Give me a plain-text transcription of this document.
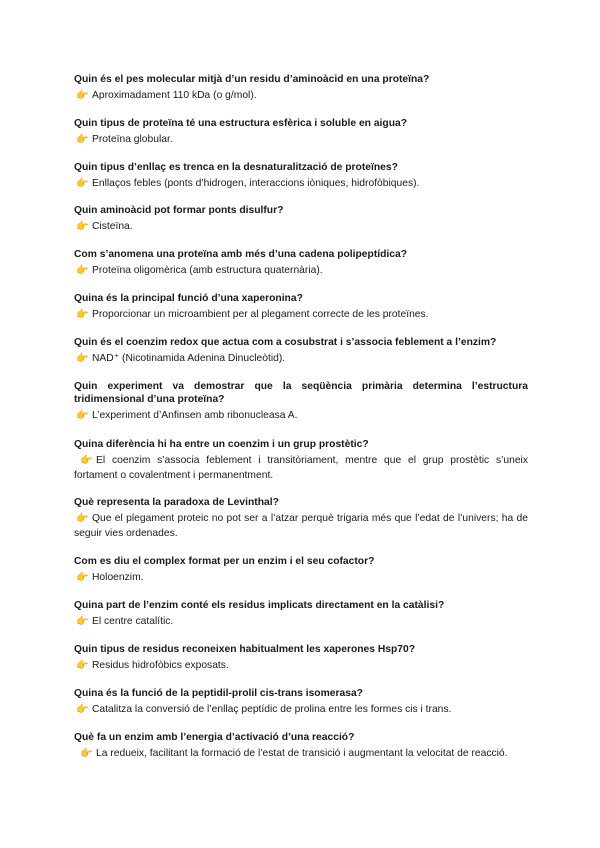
Quin és el pes molecular mitjà d’un residu d’aminoàcid en una proteïna?
👉 Aproximadament 110 kDa (o g/mol).
Quin tipus de proteïna té una estructura esfèrica i soluble en aigua?
👉 Proteïna globular.
Quin tipus d’enllaç es trenca en la desnaturalització de proteïnes?
👉 Enllaços febles (ponts d’hidrogen, interaccions iòniques, hidrofòbiques).
Quin aminoàcid pot formar ponts disulfur?
👉 Cisteïna.
Com s’anomena una proteïna amb més d’una cadena polipeptídica?
👉 Proteïna oligomèrica (amb estructura quaternària).
Quina és la principal funció d’una xaperonina?
👉 Proporcionar un microambient per al plegament correcte de les proteïnes.
Quin és el coenzim redox que actua com a cosubstrat i s’associa feblement a l’enzim?
👉 NAD⁺ (Nicotinamida Adenina Dinucleòtid).
Quin experiment va demostrar que la seqüència primària determina l’estructura tridimensional d’una proteïna?
👉 L’experiment d’Anfinsen amb ribonucleasa A.
Quina diferència hi ha entre un coenzim i un grup prostètic?
👉 El coenzim s’associa feblement i transitòriament, mentre que el grup prostètic s’uneix fortament o covalentment i permanentment.
Què representa la paradoxa de Levinthal?
👉 Que el plegament proteic no pot ser a l’atzar perquè trigaria més que l’edat de l’univers; ha de seguir vies ordenades.
Com es diu el complex format per un enzim i el seu cofactor?
👉 Holoenzim.
Quina part de l’enzim conté els residus implicats directament en la catàlisi?
👉 El centre catalític.
Quin tipus de residus reconeixen habitualment les xaperones Hsp70?
👉 Residus hidrofòbics exposats.
Quina és la funció de la peptidil-prolil cis-trans isomerasa?
👉 Catalitza la conversió de l’enllaç peptídic de prolina entre les formes cis i trans.
Què fa un enzim amb l’energia d’activació d’una reacció?
👉 La redueix, facilitant la formació de l’estat de transició i augmentant la velocitat de reacció.
